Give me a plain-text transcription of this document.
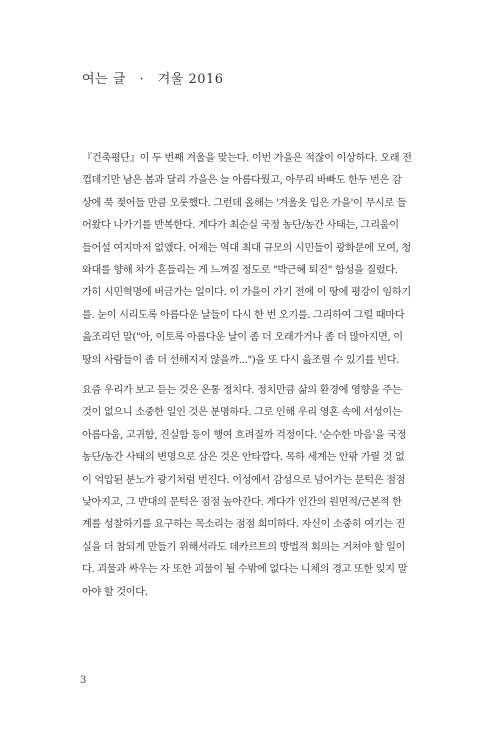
여는 글 · 겨울 2016
『건축평단』이 두 번째 겨울을 맞는다. 이번 가을은 적잖이 이상하다. 오래 전
껍데기만 남은 봄과 달리 가을은 늘 아름다웠고, 아무리 바빠도 한두 번은 감
상에 푹 젖어들 만큼 오롯했다. 그런데 올해는 '겨울옷 입은 가을'이 무시로 들
어왔다 나가기를 반복한다. 게다가 최순실 국정 농단/농간 사태는, 그리움이
들어설 여지마저 없앴다. 어제는 역대 최대 규모의 시민들이 광화문에 모여, 청
와대를 향해 차가 흔들리는 게 느껴질 정도로 "박근혜 퇴진" 함성을 질렀다.
가히 시민혁명에 버금가는 일이다. 이 가을이 가기 전에 이 땅에 평강이 임하기
를. 눈이 시리도록 아름다운 날들이 다시 한 번 오기를. 그리하여 그럴 때마다
읊조리던 말("아, 이토록 아름다운 날이 좀 더 오래가거나 좀 더 많아지면, 이
땅의 사람들이 좀 더 선해지지 않을까...")을 또 다시 읊조릴 수 있기를 빈다.
요즘 우리가 보고 듣는 것은 온통 정치다. 정치만큼 삶의 환경에 영향을 주는
것이 없으니 소중한 일인 것은 분명하다. 그로 인해 우리 영혼 속에 서성이는
아름다움, 고귀함, 진실함 등이 행여 흐려질까 걱정이다. '순수한 마음'을 국정
농단/농간 사태의 변명으로 삼은 것은 안타깝다. 목하 세계는 안팎 가릴 것 없
이 억압된 분노가 광기처럼 번진다. 이성에서 감성으로 넘어가는 문턱은 점점
낮아지고, 그 반대의 문턱은 점점 높아간다. 게다가 인간의 원면적/근본적 한
계를 성찰하기를 요구하는 목소리는 점점 희미하다. 자신이 소중히 여기는 진
실을 더 참되게 만들기 위해서라도 데카르트의 방법적 회의는 거쳐야 할 일이
다. 괴물과 싸우는 자 또한 괴물이 될 수밖에 없다는 니체의 경고 또한 잊지 말
아야 할 것이다.
3
